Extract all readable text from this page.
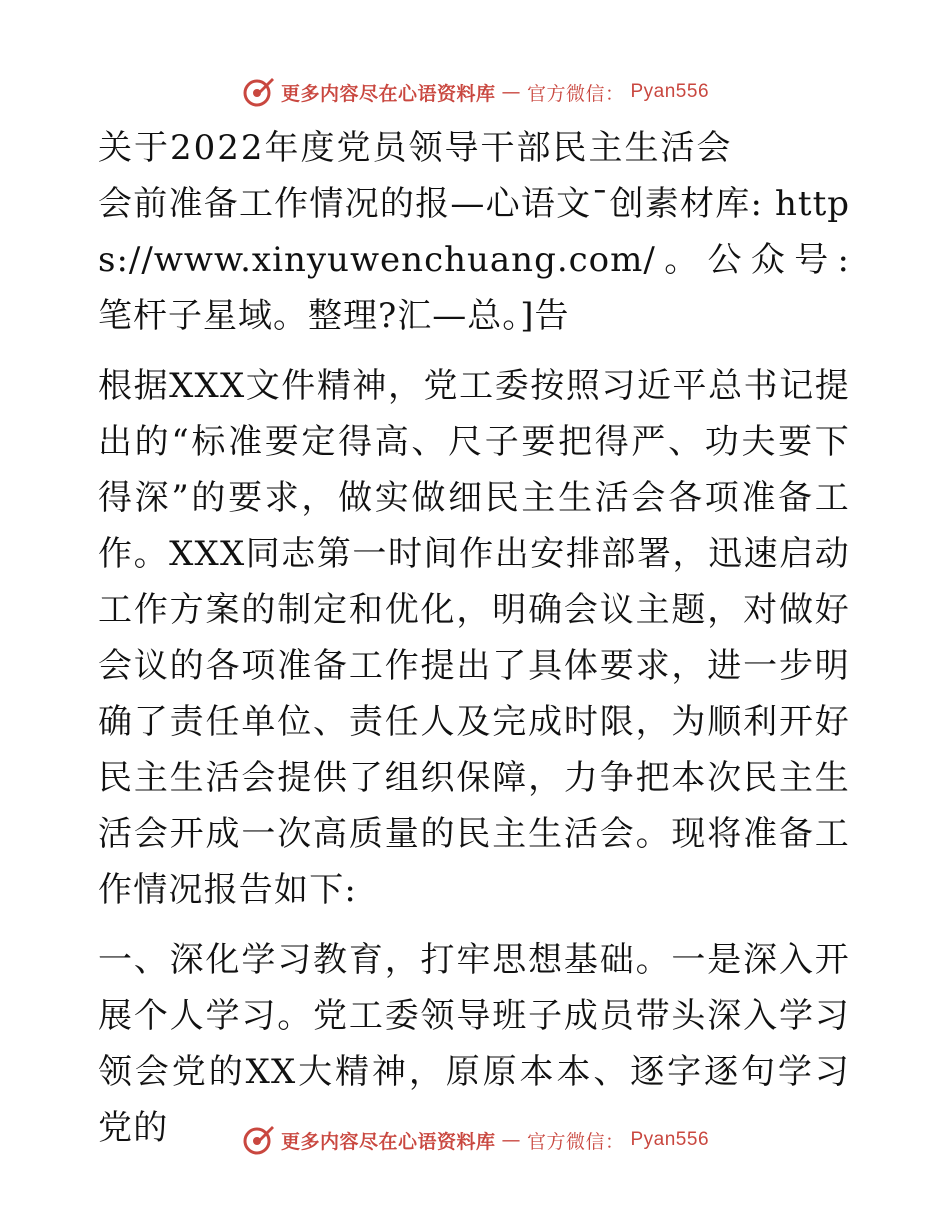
更多内容尽在心语资料库 — 官方微信： Pyan556

关于2022年度党员领导干部民主生活会

会前准备工作情况的报—心语文¯创素材库: https://www.xinyuwenchuang.com/。公众号: 笔杆子星域。整理?汇—总。]告

根据XXX文件精神，党工委按照习近平总书记提出的“标准要定得高、尺子要把得严、功夫要下得深”的要求，做实做细民主生活会各项准备工作。XXX同志第一时间作出安排部署，迅速启动工作方案的制定和优化，明确会议主题，对做好会议的各项准备工作提出了具体要求，进一步明确了责任单位、责任人及完成时限，为顺利开好民主生活会提供了组织保障，力争把本次民主生活会开成一次高质量的民主生活会。现将准备工作情况报告如下:

一、深化学习教育，打牢思想基础。一是深入开展个人学习。党工委领导班子成员带头深入学习领会党的XX大精神，原原本本、逐字逐句学习党的	更多内容尽在心语资料库 — 官方微信： Pyan556
